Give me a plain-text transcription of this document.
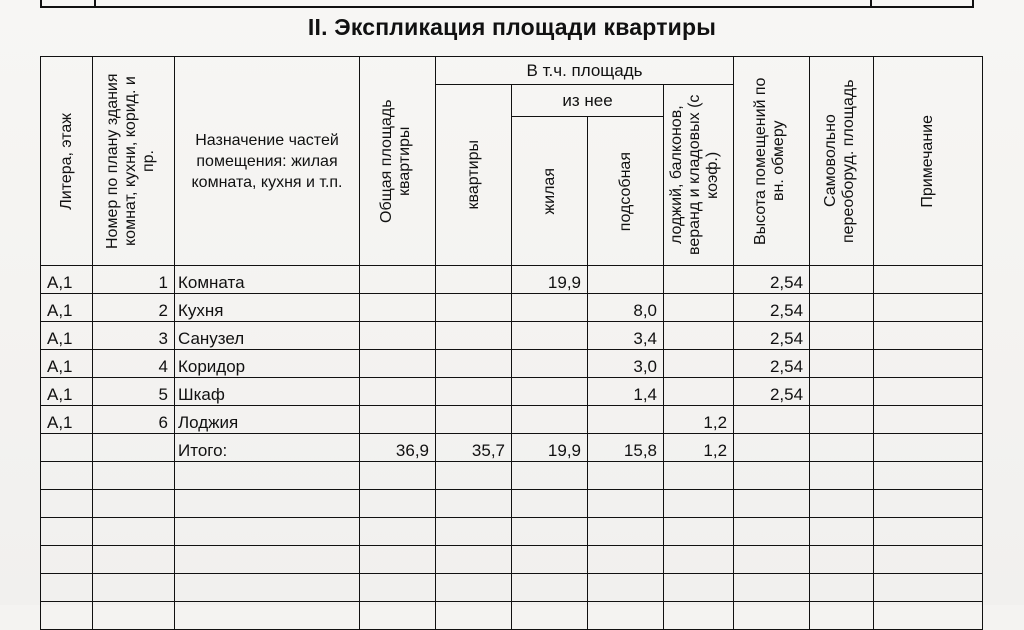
II. Экспликация площади квартиры
Литера, этаж	Номер по плану здания комнат, кухни, корид. и пр.	Назначение частей помещения: жилая комната, кухня и т.п.	Общая площадь квартиры	В т.ч. площадь				Высота помещений по вн. обмеру	Самовольно переоборуд. площадь	Примечание

				квартиры	из нее		лоджий, балконов, веранд и кладовых (с коэф.)			

					жилая	подсобная				

А,1	1	Комната			19,9			2,54		
А,1	2	Кухня				8,0		2,54		
А,1	3	Санузел				3,4		2,54		
А,1	4	Коридор				3,0		2,54		
А,1	5	Шкаф				1,4		2,54		
А,1	6	Лоджия					1,2			
		Итого:	36,9	35,7	19,9	15,8	1,2			
